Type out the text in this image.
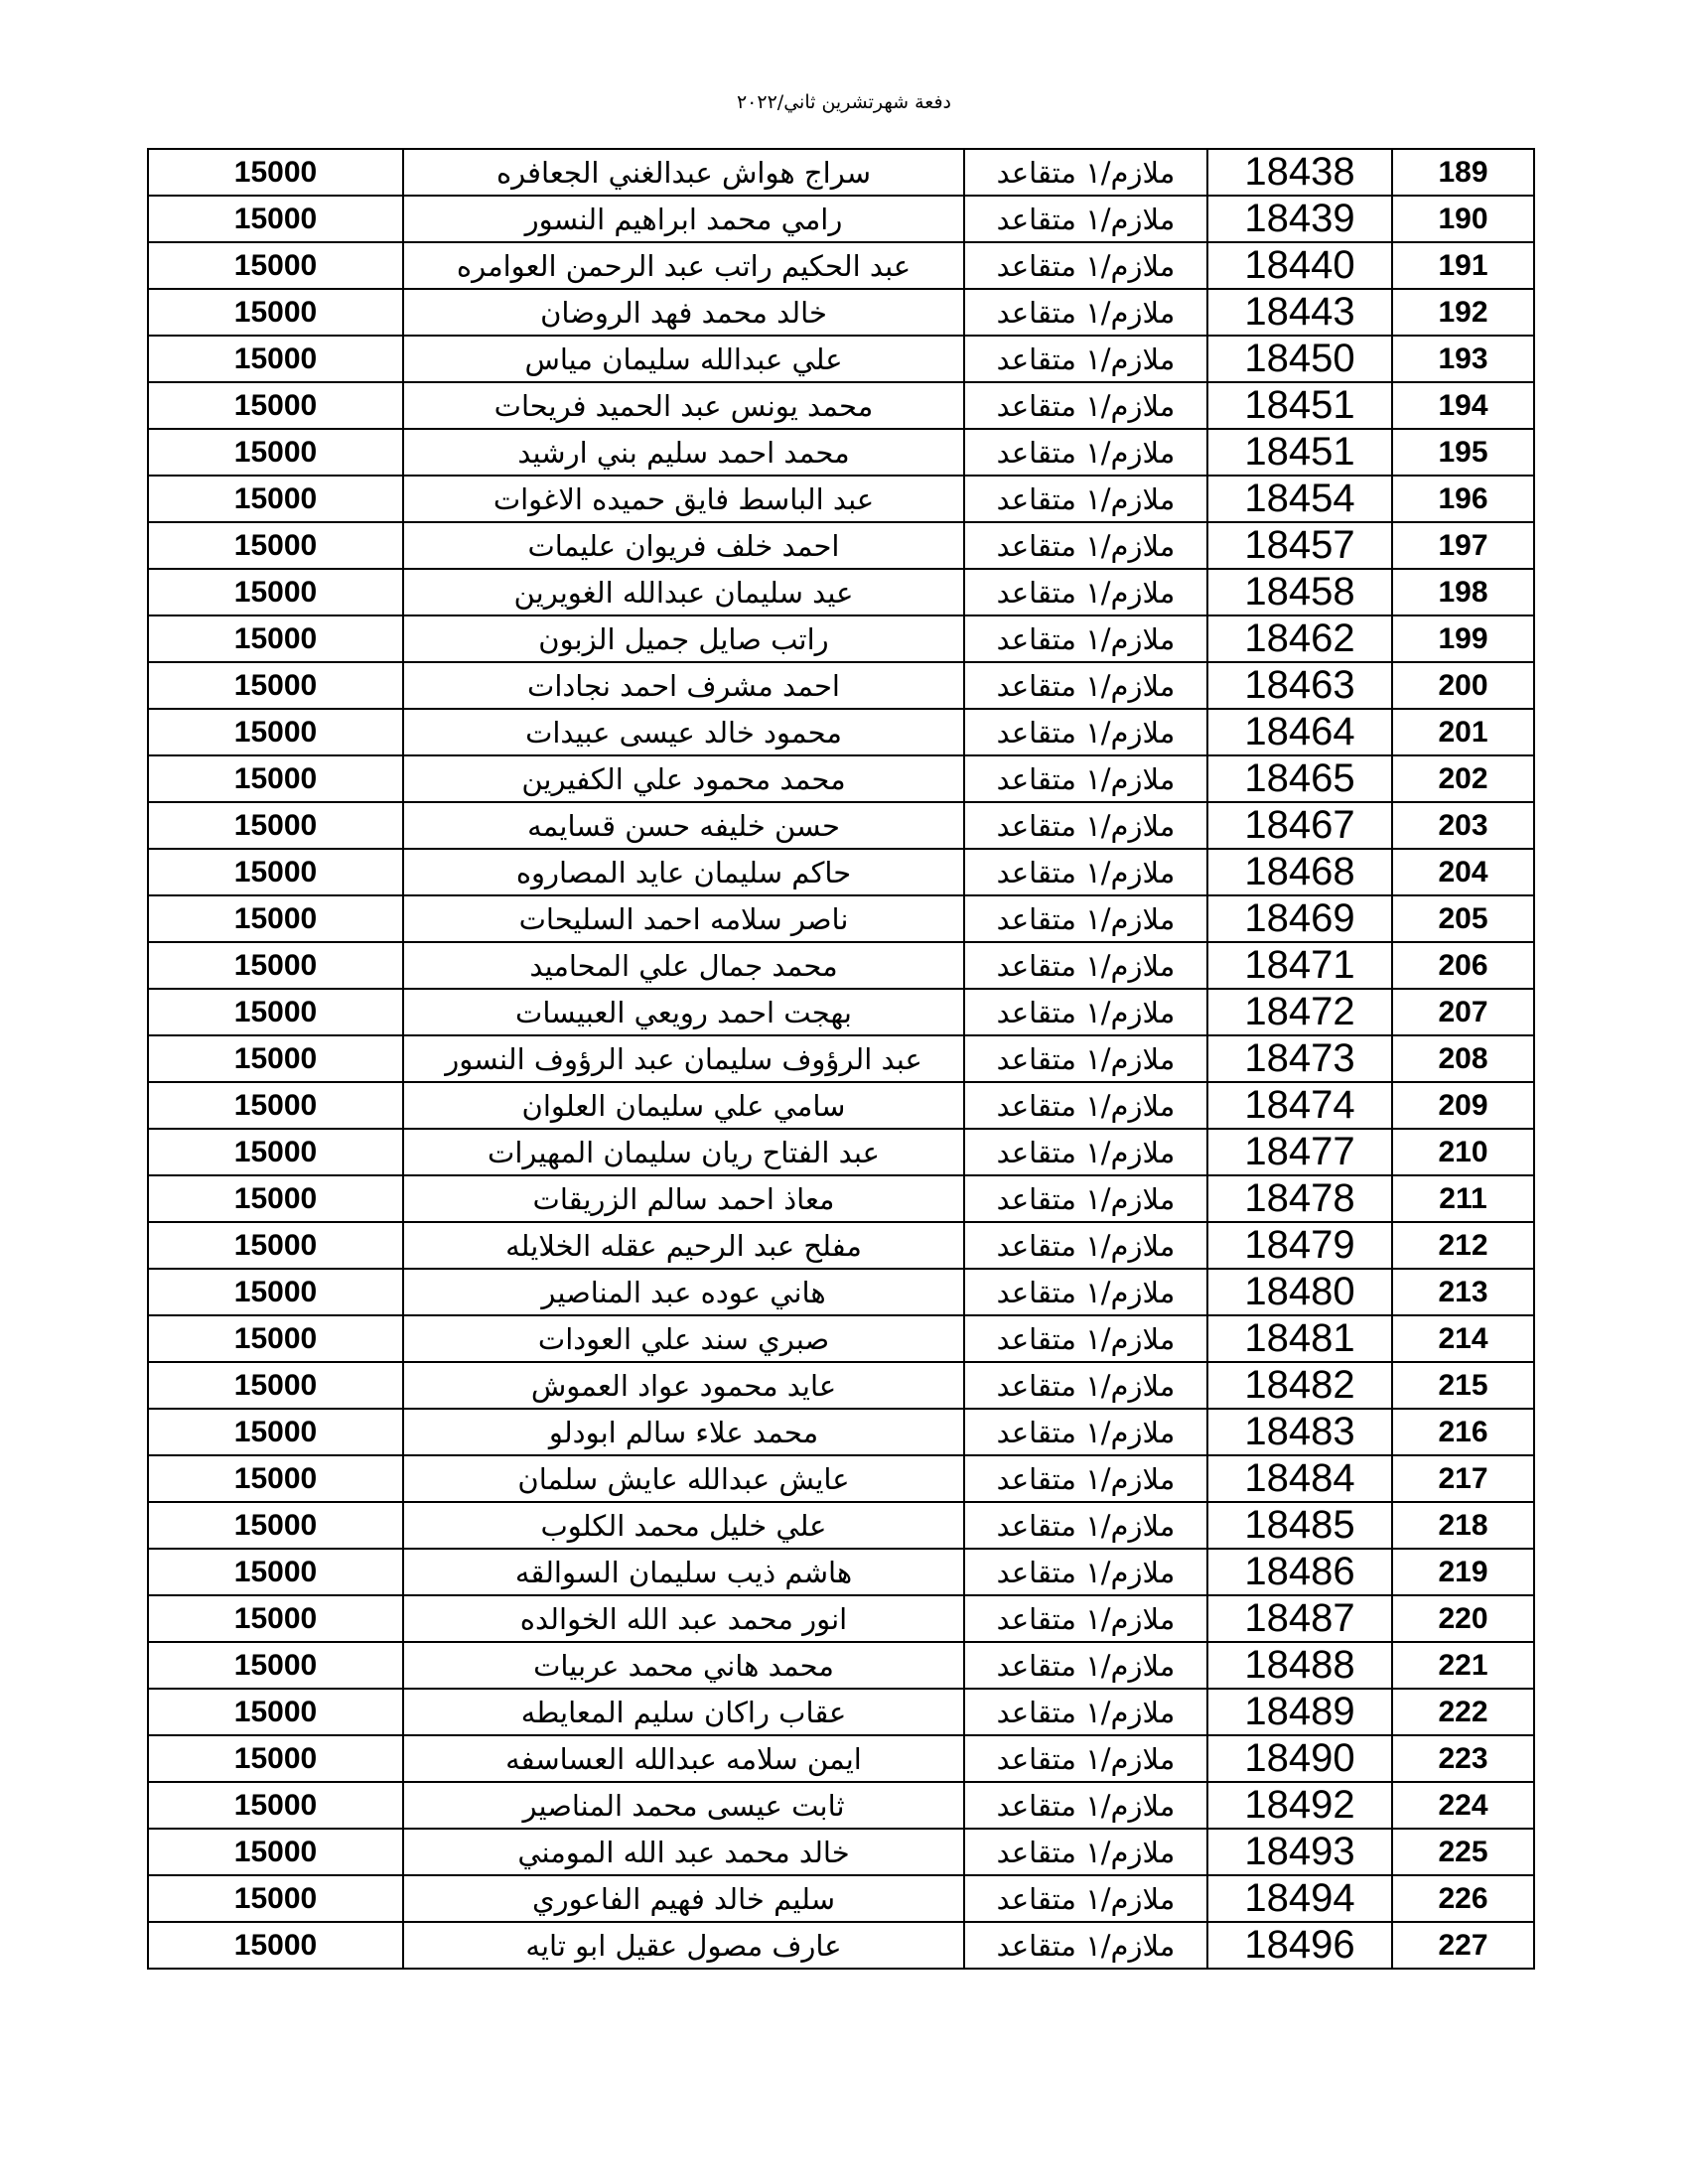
دفعة شهرتشرين ثاني/٢٠٢٢
189	18438	ملازم/١ متقاعد	سراج هواش عبدالغني الجعافره	15000
190	18439	ملازم/١ متقاعد	رامي محمد ابراهيم النسور	15000
191	18440	ملازم/١ متقاعد	عبد الحكيم راتب عبد الرحمن العوامره	15000
192	18443	ملازم/١ متقاعد	خالد محمد فهد الروضان	15000
193	18450	ملازم/١ متقاعد	علي عبدالله سليمان مياس	15000
194	18451	ملازم/١ متقاعد	محمد يونس عبد الحميد فريحات	15000
195	18451	ملازم/١ متقاعد	محمد احمد سليم بني ارشيد	15000
196	18454	ملازم/١ متقاعد	عبد الباسط فايق حميده الاغوات	15000
197	18457	ملازم/١ متقاعد	احمد خلف فريوان عليمات	15000
198	18458	ملازم/١ متقاعد	عيد سليمان عبدالله الغويرين	15000
199	18462	ملازم/١ متقاعد	راتب صايل جميل الزبون	15000
200	18463	ملازم/١ متقاعد	احمد مشرف احمد نجادات	15000
201	18464	ملازم/١ متقاعد	محمود خالد عيسى عبيدات	15000
202	18465	ملازم/١ متقاعد	محمد محمود علي الكفيرين	15000
203	18467	ملازم/١ متقاعد	حسن خليفه حسن قسايمه	15000
204	18468	ملازم/١ متقاعد	حاكم سليمان عايد المصاروه	15000
205	18469	ملازم/١ متقاعد	ناصر سلامه احمد السليحات	15000
206	18471	ملازم/١ متقاعد	محمد جمال علي المحاميد	15000
207	18472	ملازم/١ متقاعد	بهجت احمد رويعي العبيسات	15000
208	18473	ملازم/١ متقاعد	عبد الرؤوف سليمان عبد الرؤوف النسور	15000
209	18474	ملازم/١ متقاعد	سامي علي سليمان العلوان	15000
210	18477	ملازم/١ متقاعد	عبد الفتاح ريان سليمان المهيرات	15000
211	18478	ملازم/١ متقاعد	معاذ احمد سالم الزريقات	15000
212	18479	ملازم/١ متقاعد	مفلح عبد الرحيم عقله الخلايله	15000
213	18480	ملازم/١ متقاعد	هاني عوده عبد المناصير	15000
214	18481	ملازم/١ متقاعد	صبري سند علي العودات	15000
215	18482	ملازم/١ متقاعد	عايد محمود عواد العموش	15000
216	18483	ملازم/١ متقاعد	محمد علاء سالم ابودلو	15000
217	18484	ملازم/١ متقاعد	عايش عبدالله عايش سلمان	15000
218	18485	ملازم/١ متقاعد	علي خليل محمد الكلوب	15000
219	18486	ملازم/١ متقاعد	هاشم ذيب سليمان السوالقه	15000
220	18487	ملازم/١ متقاعد	انور محمد عبد الله الخوالده	15000
221	18488	ملازم/١ متقاعد	محمد هاني محمد عربيات	15000
222	18489	ملازم/١ متقاعد	عقاب راكان سليم المعايطه	15000
223	18490	ملازم/١ متقاعد	ايمن سلامه عبدالله العساسفه	15000
224	18492	ملازم/١ متقاعد	ثابت عيسى محمد المناصير	15000
225	18493	ملازم/١ متقاعد	خالد محمد عبد الله المومني	15000
226	18494	ملازم/١ متقاعد	سليم خالد فهيم الفاعوري	15000
227	18496	ملازم/١ متقاعد	عارف مصول عقيل ابو تايه	15000
